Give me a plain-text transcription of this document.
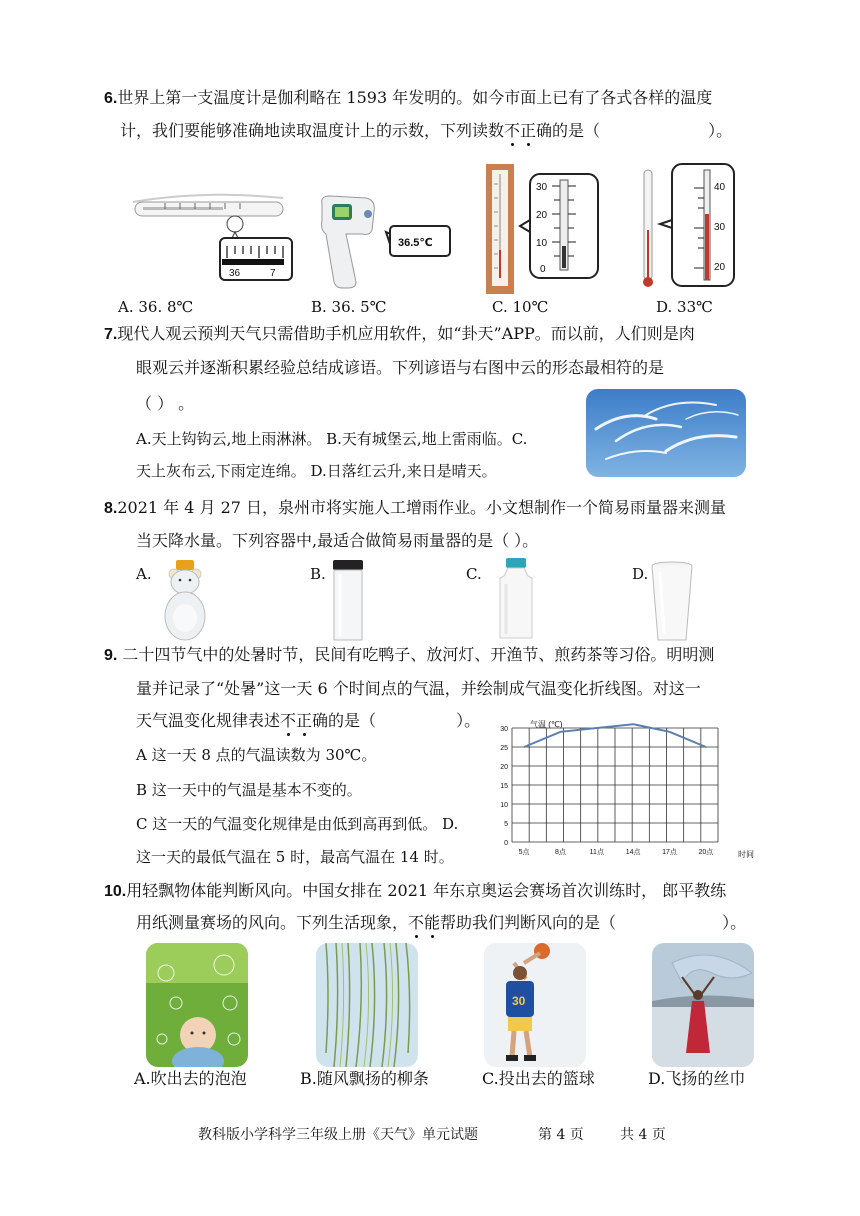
6.世界上第一支温度计是伽利略在 1593 年发明的。如今市面上已有了各式各样的温度
计，我们要能够准确地读取温度计上的示数，下列读数不正确的是（	）。
36	7
36.5℃
30
20
10
0
40
30
20
A. 36. 8℃	B. 36. 5℃	C. 10℃	D. 33℃
7.现代人观云预判天气只需借助手机应用软件，如“卦天”APP。而以前，人们则是肉
眼观云并逐渐积累经验总结成谚语。下列谚语与右图中云的形态最相符的是
（ ） 。
A.天上钩钩云,地上雨淋淋。 B.天有城堡云,地上雷雨临。C.
天上灰布云,下雨定连绵。 D.日落红云升,来日是晴天。
8.2021 年 4 月 27 日，泉州市将实施人工增雨作业。小文想制作一个简易雨量器来测量
当天降水量。下列容器中,最适合做简易雨量器的是（ ）。
A.	B.	C.	D.
9. 二十四节气中的处暑时节，民间有吃鸭子、放河灯、开渔节、煎药茶等习俗。明明测
量并记录了“处暑”这一天 6 个时间点的气温，并绘制成气温变化折线图。对这一
天气温变化规律表述不正确的是（	）。
A 这一天 8 点的气温读数为 30℃。
B 这一天中的气温是基本不变的。
C 这一天的气温变化规律是由低到高再到低。 D.
这一天的最低气温在 5 时，最高气温在 14 时。
气温 (℃)
时间
0
5
10
15
20
25
30
5点	8点	11点	14点	17点	20点
10.用轻飘物体能判断风向。中国女排在 2021 年东京奥运会赛场首次训练时， 郎平教练
用纸测量赛场的风向。下列生活现象，不能帮助我们判断风向的是（	）。
30
A.吹出去的泡泡	B.随风飘扬的柳条	C.投出去的篮球	D.飞扬的丝巾
教科版小学科学三年级上册《天气》单元试题	第 4 页	共 4 页
